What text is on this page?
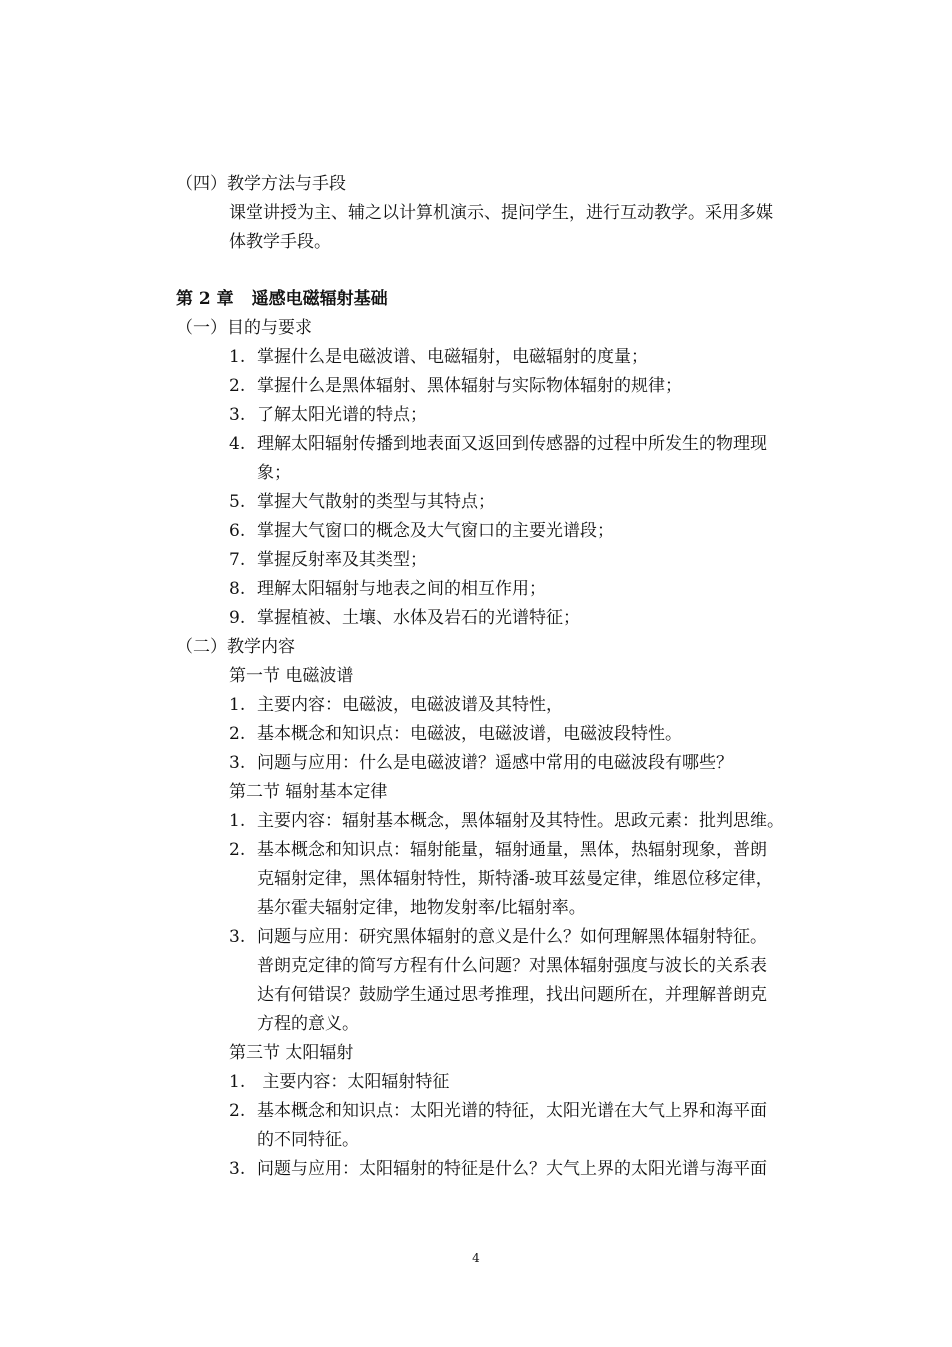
（四）教学方法与手段
课堂讲授为主、辅之以计算机演示、提问学生，进行互动教学。采用多媒
体教学手段。
第 2 章 遥感电磁辐射基础
（一）目的与要求
1. 掌握什么是电磁波谱、电磁辐射，电磁辐射的度量；
2. 掌握什么是黑体辐射、黑体辐射与实际物体辐射的规律；
3. 了解太阳光谱的特点；
4. 理解太阳辐射传播到地表面又返回到传感器的过程中所发生的物理现
象；
5. 掌握大气散射的类型与其特点；
6. 掌握大气窗口的概念及大气窗口的主要光谱段；
7. 掌握反射率及其类型；
8. 理解太阳辐射与地表之间的相互作用；
9. 掌握植被、土壤、水体及岩石的光谱特征；
（二）教学内容
第一节 电磁波谱
1. 主要内容：电磁波，电磁波谱及其特性，
2. 基本概念和知识点：电磁波，电磁波谱，电磁波段特性。
3. 问题与应用：什么是电磁波谱？遥感中常用的电磁波段有哪些？
第二节 辐射基本定律
1. 主要内容：辐射基本概念，黑体辐射及其特性。思政元素：批判思维。
2. 基本概念和知识点：辐射能量，辐射通量，黑体，热辐射现象，普朗
克辐射定律，黑体辐射特性，斯特潘-玻耳兹曼定律，维恩位移定律，
基尔霍夫辐射定律，地物发射率/比辐射率。
3. 问题与应用：研究黑体辐射的意义是什么？如何理解黑体辐射特征。
普朗克定律的简写方程有什么问题？对黑体辐射强度与波长的关系表
达有何错误？鼓励学生通过思考推理，找出问题所在，并理解普朗克
方程的意义。
第三节 太阳辐射
1. 主要内容：太阳辐射特征
2. 基本概念和知识点：太阳光谱的特征，太阳光谱在大气上界和海平面
的不同特征。
3. 问题与应用：太阳辐射的特征是什么？大气上界的太阳光谱与海平面
4
